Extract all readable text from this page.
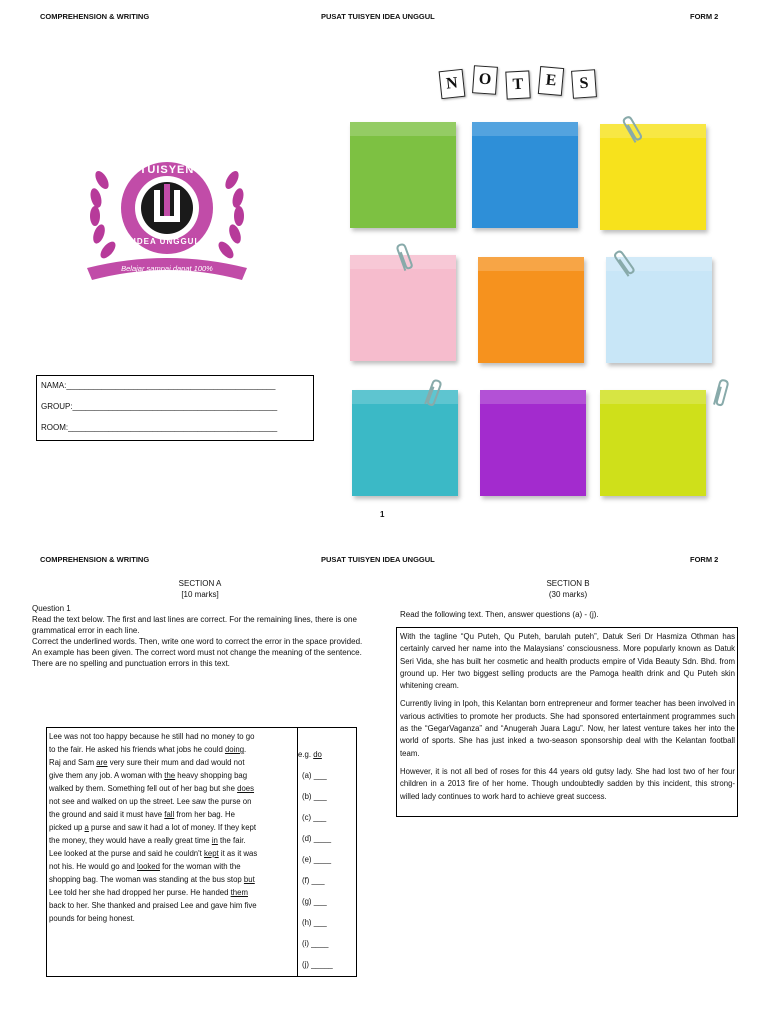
COMPREHENSION & WRITING	PUSAT TUISYEN IDEA UNGGUL	FORM 2
PUSAT TUISYEN
IDEA UNGGUL
Belajar sampai dapat 100%
NAMA:_______________________________________________
GROUP:______________________________________________
ROOM:_______________________________________________
N	O	T	E	S
1
COMPREHENSION & WRITING	PUSAT TUISYEN IDEA UNGGUL	FORM 2
SECTION A
[10 marks]
SECTION B
(30 marks)

Question 1

Read the text below. The first and last lines are correct. For the remaining lines, there is one

grammatical error in each line.

Correct the underlined words. Then, write one word to correct the error in the space provided. An example has been given. The correct word must not change the meaning of the sentence. There are no spelling and punctuation errors in this text.

Lee was not too happy because he still had no money to go
to the fair. He asked his friends what jobs he could doing.
Raj and Sam are very sure their mum and dad would not
give them any job. A woman with the heavy shopping bag
walked by them. Something fell out of her bag but she does
not see and walked on up the street. Lee saw the purse on
the ground and said it must have fall from her bag. He
picked up a purse and saw it had a lot of money. If they kept
the money, they would have a really great time in the fair.
Lee looked at the purse and said he couldn't kept it as it was
not his. He would go and looked for the woman with the
shopping bag. The woman was standing at the bus stop but
Lee told her she had dropped her purse. He handed them
back to her. She thanked and praised Lee and gave him five
pounds for being honest.
e.g. do
(a) ___
(b) ___
(c) ___
(d) ____
(e) ____
(f) ___
(g) ___
(h) ___
(i) ____
(j) _____
Read the following text. Then, answer questions (a) - (j).

With the tagline “Qu Puteh, Qu Puteh, barulah puteh”, Datuk Seri Dr Hasmiza Othman has certainly carved her name into the Malaysians’ consciousness. More popularly known as Datuk Seri Vida, she has built her cosmetic and health products empire of Vida Beauty Sdn. Bhd. from ground up. Her two biggest selling products are the Pamoga health drink and Qu Puteh skin whitening cream.

Currently living in Ipoh, this Kelantan born entrepreneur and former teacher has been involved in various activities to promote her products. She had sponsored entertainment programmes such as the “GegarVaganza” and “Anugerah Juara Lagu”. Now, her latest venture takes her into the world of sports. She has just inked a two-season sponsorship deal with the Kelantan football team.

However, it is not all bed of roses for this 44 years old gutsy lady. She had lost two of her four children in a 2013 fire of her home. Though undoubtedly sadden by this incident, this strong- willed lady continues to work hard to achieve great success.
